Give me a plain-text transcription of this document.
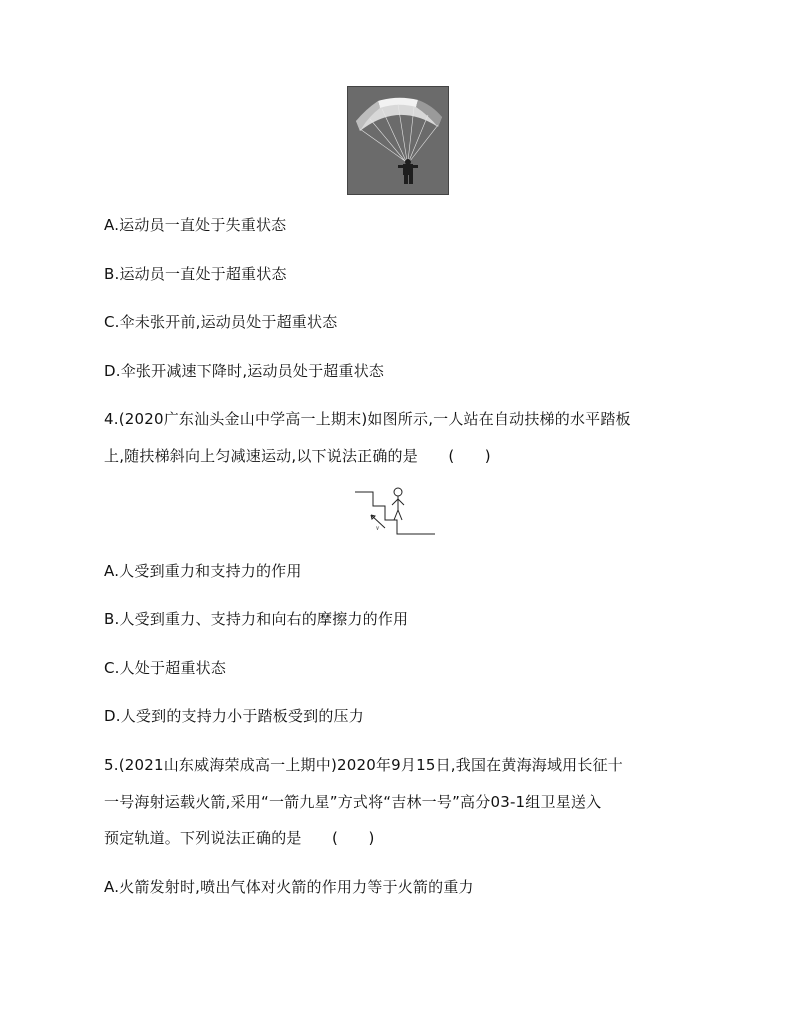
A.运动员一直处于失重状态
B.运动员一直处于超重状态
C.伞未张开前,运动员处于超重状态
D.伞张开减速下降时,运动员处于超重状态
4.(2020广东汕头金山中学高一上期末)如图所示,一人站在自动扶梯的水平踏板
上,随扶梯斜向上匀减速运动,以下说法正确的是　　(　　)
v
A.人受到重力和支持力的作用
B.人受到重力、支持力和向右的摩擦力的作用
C.人处于超重状态
D.人受到的支持力小于踏板受到的压力
5.(2021山东威海荣成高一上期中)2020年9月15日,我国在黄海海域用长征十
一号海射运载火箭,采用“一箭九星”方式将“吉林一号”高分03-1组卫星送入
预定轨道。下列说法正确的是　　(　　)
A.火箭发射时,喷出气体对火箭的作用力等于火箭的重力
